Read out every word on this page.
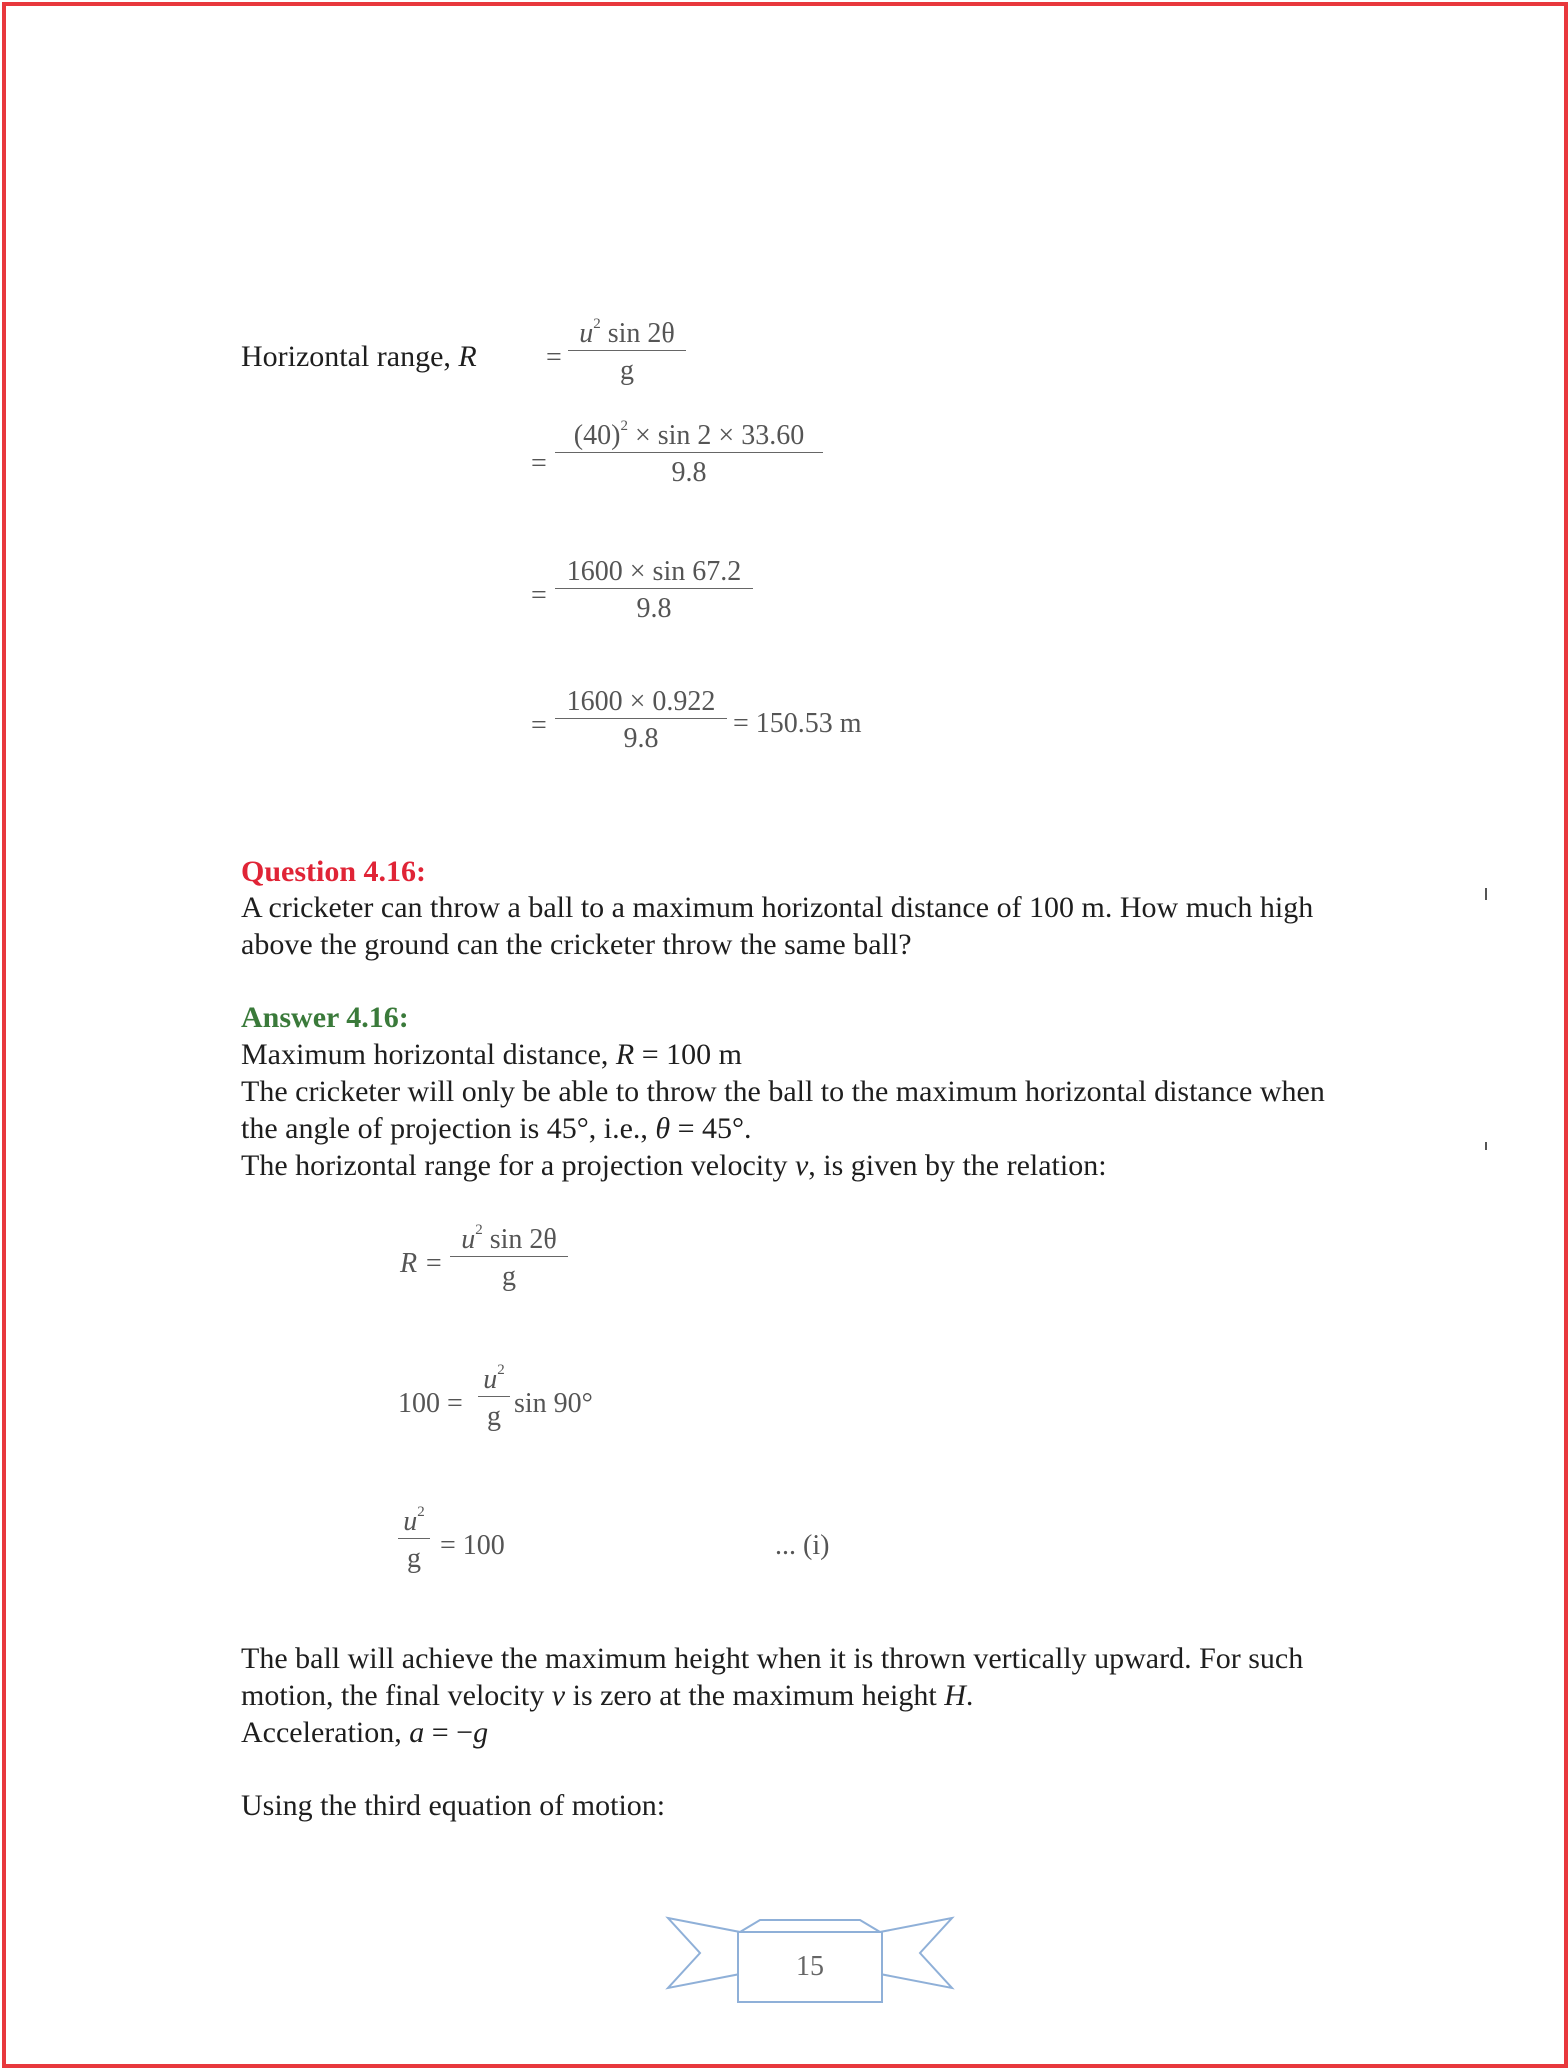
Horizontal range, R =
$u^2$ sin 2θ
g
=
$(40)^2 \times \sin 2 \times 33.60$
9.8
=
1600 × sin 67.2
9.8
=
1600 × 0.922
9.8	= 150.53 m
Question 4.16:
A cricketer can throw a ball to a maximum horizontal distance of 100 m. How much high
above the ground can the cricketer throw the same ball?
Answer 4.16:
Maximum horizontal distance, R = 100 m
The cricketer will only be able to throw the ball to the maximum horizontal distance when
the angle of projection is 45°, i.e., θ = 45°.
The horizontal range for a projection velocity v, is given by the relation:
R =
$u^2$ sin 2θ
g
100 =
$u^2$
g sin 90°
$u^2$
g = 100	... (i)
The ball will achieve the maximum height when it is thrown vertically upward. For such
motion, the final velocity v is zero at the maximum height H.
Acceleration, a = −g
Using the third equation of motion:
15
